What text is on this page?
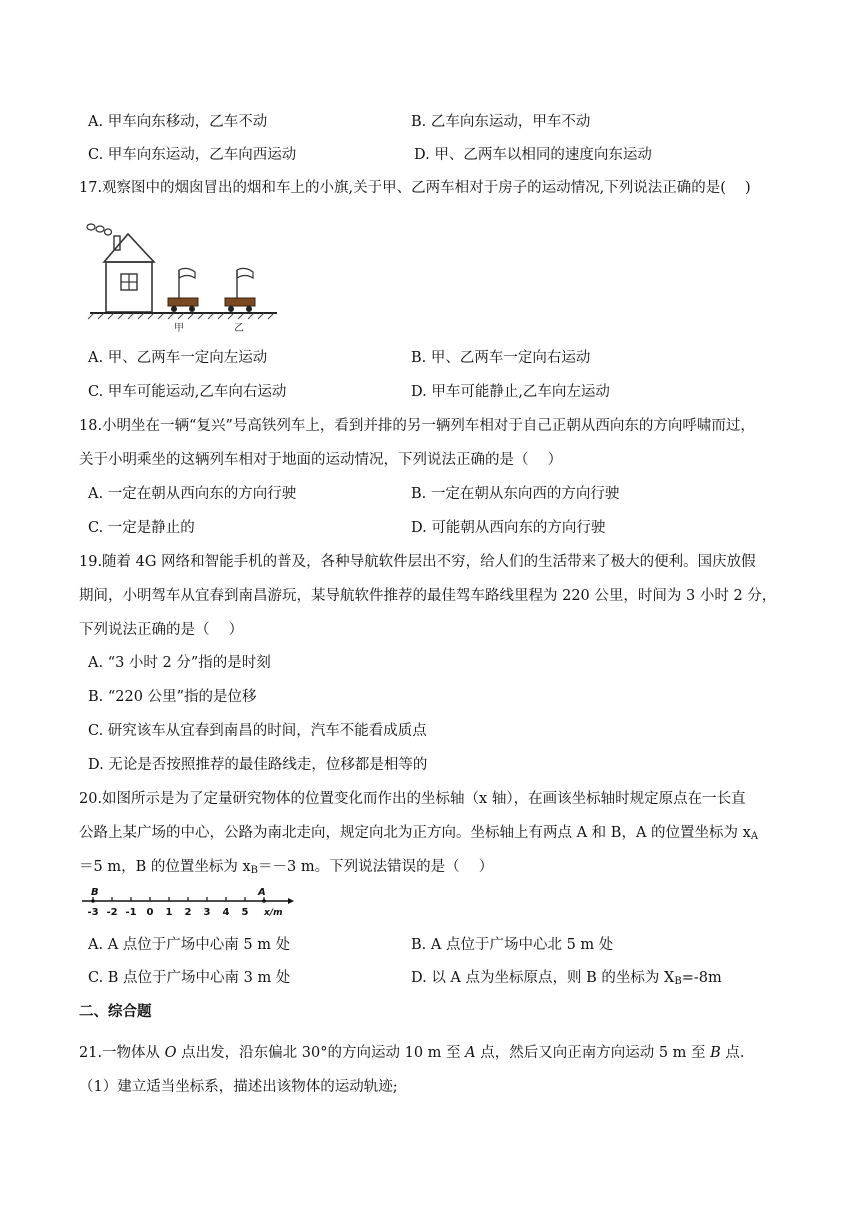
A. 甲车向东移动，乙车不动	B. 乙车向东运动，甲车不动
C. 甲车向东运动，乙车向西运动	D. 甲、乙两车以相同的速度向东运动
17.观察图中的烟囱冒出的烟和车上的小旗,关于甲、乙两车相对于房子的运动情况,下列说法正确的是(　 )
甲	乙
A. 甲、乙两车一定向左运动	B. 甲、乙两车一定向右运动
C. 甲车可能运动,乙车向右运动	D. 甲车可能静止,乙车向左运动
18.小明坐在一辆“复兴”号高铁列车上，看到并排的另一辆列车相对于自己正朝从西向东的方向呼啸而过，
关于小明乘坐的这辆列车相对于地面的运动情况，下列说法正确的是（　 ）
A. 一定在朝从西向东的方向行驶	B. 一定在朝从东向西的方向行驶
C. 一定是静止的	D. 可能朝从西向东的方向行驶
19.随着 4G 网络和智能手机的普及，各种导航软件层出不穷，给人们的生活带来了极大的便利。国庆放假
期间，小明驾车从宜春到南昌游玩，某导航软件推荐的最佳驾车路线里程为 220 公里，时间为 3 小时 2 分，
下列说法正确的是（　 ）
A. “3 小时 2 分”指的是时刻
B. “220 公里”指的是位移
C. 研究该车从宜春到南昌的时间，汽车不能看成质点
D. 无论是否按照推荐的最佳路线走，位移都是相等的
20.如图所示是为了定量研究物体的位置变化而作出的坐标轴（x 轴），在画该坐标轴时规定原点在一长直
公路上某广场的中心，公路为南北走向，规定向北为正方向。坐标轴上有两点 A 和 B，A 的位置坐标为 $x_A$
＝5 m，B 的位置坐标为 $x_B=-3$ m。下列说法错误的是（　 ）
B	A
-3 -2 -1 0 1 2 3 4 5 x/m
A. A 点位于广场中心南 5 m 处	B. A 点位于广场中心北 5 m 处
C. B 点位于广场中心南 3 m 处	D. 以 A 点为坐标原点，则 B 的坐标为 $X_B=-8m$
二、综合题
21.一物体从 O 点出发，沿东偏北 30°的方向运动 10 m 至 A 点，然后又向正南方向运动 5 m 至 B 点.
（1）建立适当坐标系，描述出该物体的运动轨迹;
